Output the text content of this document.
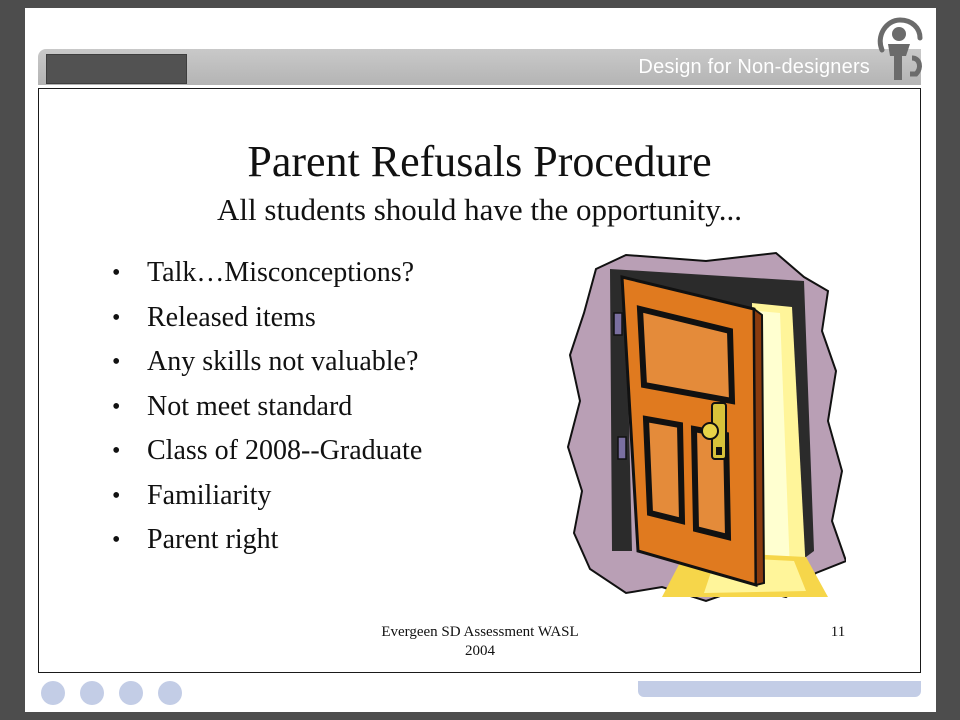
Design for Non-designers
Parent Refusals Procedure
All students should have the opportunity...
• Talk…Misconceptions?
• Released items
• Any skills not valuable?
• Not meet standard
• Class of 2008--Graduate
• Familiarity
• Parent right
Evergeen SD Assessment WASL
2004
11
